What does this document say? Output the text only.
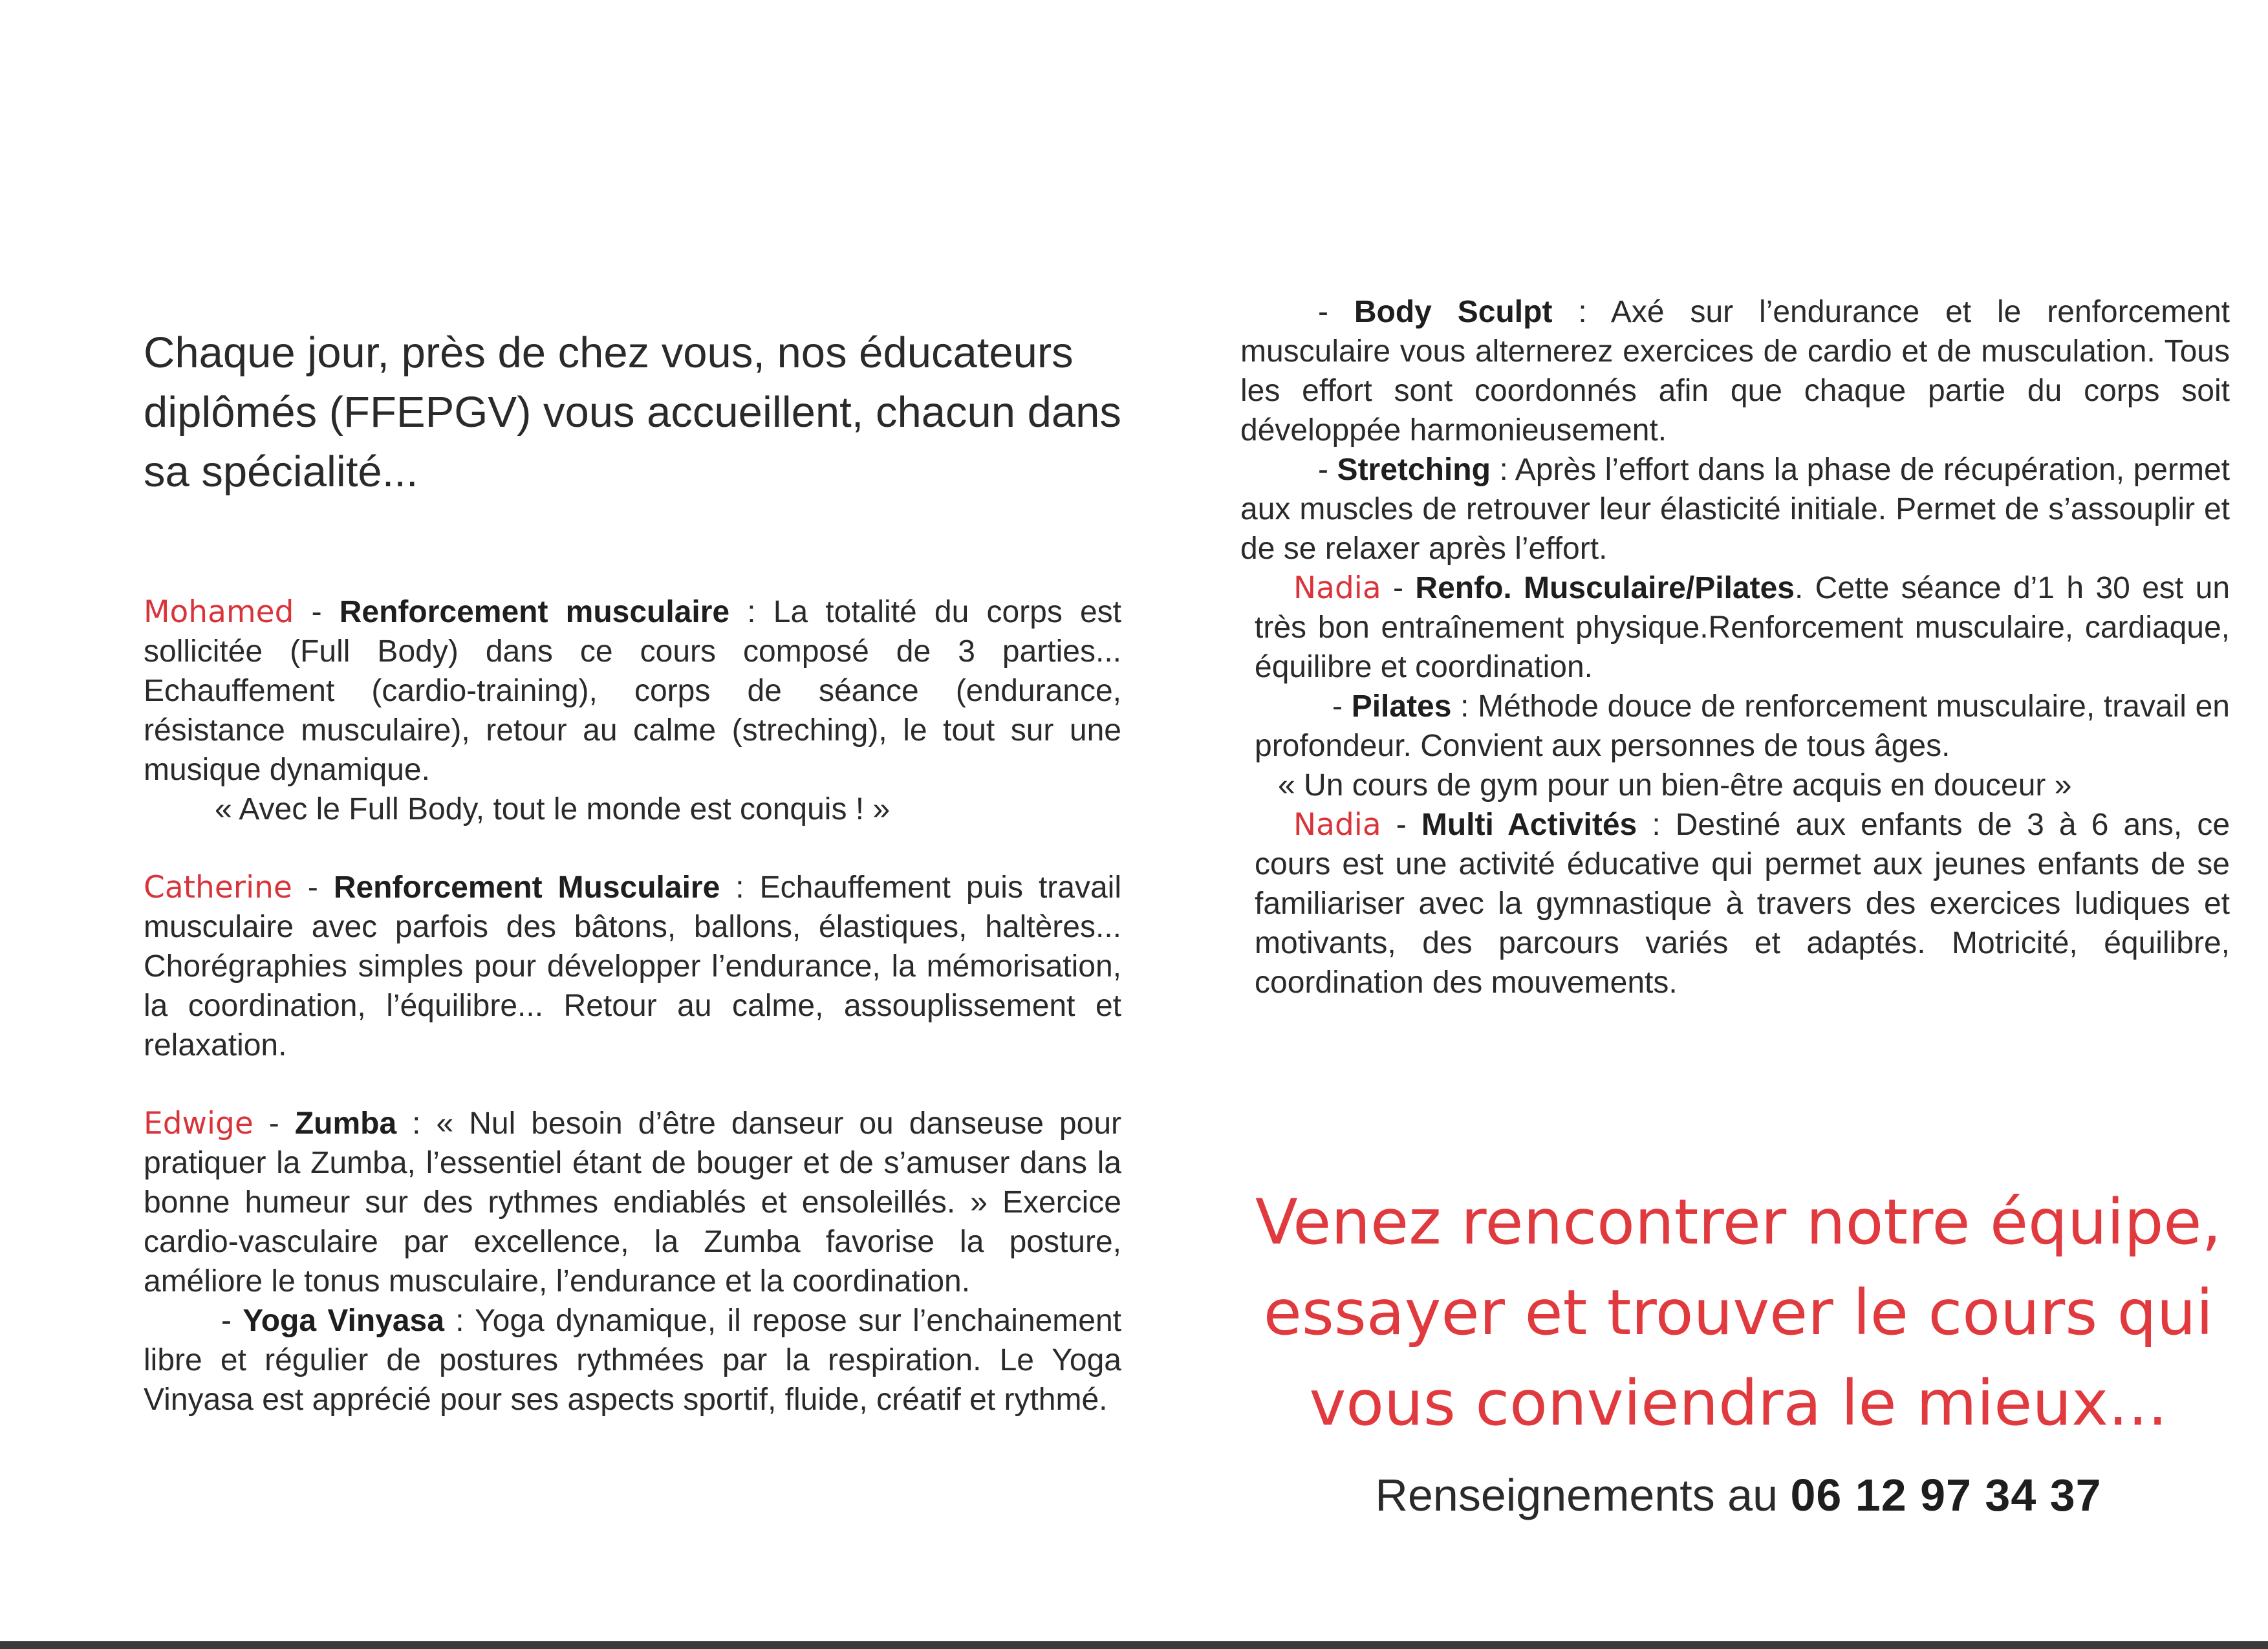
Chaque jour, près de chez vous, nos éducateurs diplômés (FFEPGV) vous accueillent, chacun dans sa spécialité...

Mohamed - Renforcement musculaire : La totalité du corps est sollicitée (Full Body) dans ce cours composé de 3 parties... Echauffement (cardio-training), corps de séance (endurance, résistance musculaire), retour au calme (streching), le tout sur une musique dynamique.
« Avec le Full Body, tout le monde est conquis ! »

Catherine - Renforcement Musculaire : Echauffement puis travail musculaire avec parfois des bâtons, ballons, élastiques, haltères... Chorégraphies simples pour développer l’endurance, la mémorisation, la coordination, l’équilibre... Retour au calme, assouplissement et relaxation.

Edwige - Zumba : « Nul besoin d’être danseur ou danseuse pour pratiquer la Zumba, l’essentiel étant de bouger et de s’amuser dans la bonne humeur sur des rythmes endiablés et ensoleillés. » Exercice cardio-vasculaire par excellence, la Zumba favorise la posture, améliore le tonus musculaire, l’endurance et la coordination.

- Yoga Vinyasa : Yoga dynamique, il repose sur l’enchainement libre et régulier de postures rythmées par la respiration. Le Yoga Vinyasa est apprécié pour ses aspects sportif, fluide, créatif et rythmé.

- Body Sculpt : Axé sur l’endurance et le renforcement musculaire vous alternerez exercices de cardio et de musculation. Tous les effort sont coordonnés afin que chaque partie du corps soit développée harmonieusement.

- Stretching : Après l’effort dans la phase de récupération, permet aux muscles de retrouver leur élasticité initiale. Permet de s’assouplir et de se relaxer après l’effort.

Nadia - Renfo. Musculaire/Pilates. Cette séance d’1 h 30 est un très bon entraînement physique.Renforcement musculaire, cardiaque, équilibre et coordination.

- Pilates : Méthode douce de renforcement musculaire, travail en profondeur. Convient aux personnes de tous âges.

« Un cours de gym pour un bien-être acquis en douceur »

Nadia - Multi Activités : Destiné aux enfants de 3 à 6 ans, ce cours est une activité éducative qui permet aux jeunes enfants de se familiariser avec la gymnastique à travers des exercices ludiques et motivants, des parcours variés et adaptés. Motricité, équilibre, coordination des mouvements.

Venez rencontrer notre équipe, essayer et trouver le cours qui vous conviendra le mieux...
Renseignements au 06 12 97 34 37
